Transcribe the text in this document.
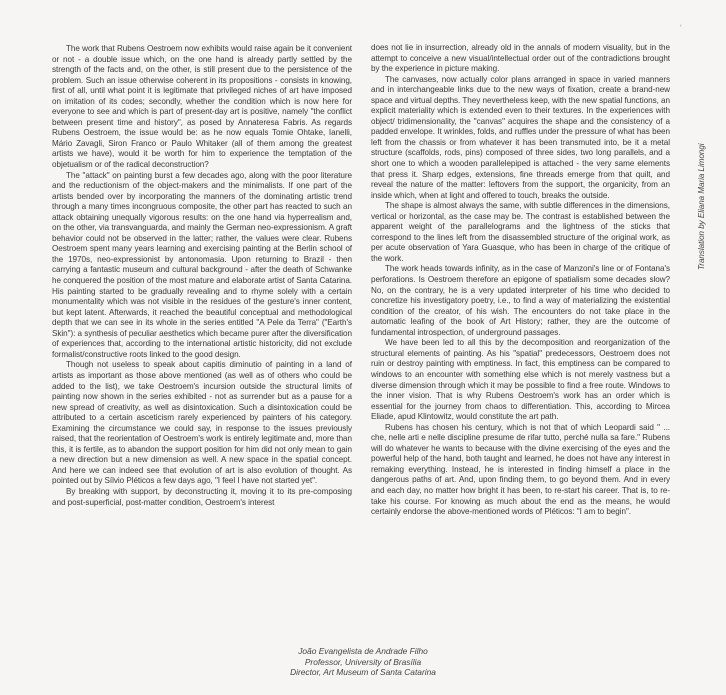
The work that Rubens Oestroem now exhibits would raise again be it convenient or not - a double issue which, on the one hand is already partly settled by the strength of the facts and, on the other, is still present due to the persistence of the problem. Such an issue otherwise coherent in its propositions - consists in knowing, first of all, until what point it is legitimate that privileged niches of art have imposed on imitation of its codes; secondly, whether the condition which is now here for everyone to see and which is part of present-day art is positive, namely "the conflict between present time and history", as posed by Annateresa Fabris. As regards Rubens Oestroem, the issue would be: as he now equals Tomie Ohtake, Ianelli, Mário Zavagli, Siron Franco or Paulo Whitaker (all of them among the greatest artists we have), would it be worth for him to experience the temptation of the objetualism or of the radical deconstruction?

The "attack" on painting burst a few decades ago, along with the poor literature and the reductionism of the object-makers and the minimalists. If one part of the artists bended over by incorporating the manners of the dominating artistic trend through a many times incongruous composite, the other part has reacted to such an attack obtaining unequally vigorous results: on the one hand via hyperrealism and, on the other, via transvanguarda, and mainly the German neo-expressionism. A graft behavior could not be observed in the latter; rather, the values were clear. Rubens Oestroem spent many years learning and exercising painting at the Berlin school of the 1970s, neo-expressionist by antonomasia. Upon returning to Brazil - then carrying a fantastic museum and cultural background - after the death of Schwanke he conquered the position of the most mature and elaborate artist of Santa Catarina. His painting started to be gradually revealing and to rhyme solely with a certain monumentality which was not visible in the residues of the gesture's inner content, but kept latent. Afterwards, it reached the beautiful conceptual and methodological depth that we can see in its whole in the series entitled "A Pele da Terra" ("Earth's Skin"): a synthesis of peculiar aesthetics which became purer after the diversification of experiences that, according to the international artistic historicity, did not exclude formalist/constructive roots linked to the good design.

Though not useless to speak about capitis diminutio of painting in a land of artists as important as those above mentioned (as well as of others who could be added to the list), we take Oestroem's incursion outside the structural limits of painting now shown in the series exhibited - not as surrender but as a pause for a new spread of creativity, as well as disintoxication. Such a disintoxication could be attributed to a certain asceticism rarely experienced by painters of his category. Examining the circumstance we could say, in response to the issues previously raised, that the reorientation of Oestroem's work is entirely legitimate and, more than this, it is fertile, as to abandon the support position for him did not only mean to gain a new direction but a new dimension as well. A new space in the spatial concept. And here we can indeed see that evolution of art is also evolution of thought. As pointed out by Sílvio Pléticos a few days ago, "I feel I have not started yet".

By breaking with support, by deconstructing it, moving it to its pre-composing and post-superficial, post-matter condition, Oestroem's interest

does not lie in insurrection, already old in the annals of modern visuality, but in the attempt to conceive a new visual/intellectual order out of the contradictions brought by the experience in picture making.

The canvases, now actually color plans arranged in space in varied manners and in interchangeable links due to the new ways of fixation, create a brand-new space and virtual depths. They nevertheless keep, with the new spatial functions, an explicit materiality which is extended even to their textures. In the experiences with object/ tridimensionality, the "canvas" acquires the shape and the consistency of a padded envelope. It wrinkles, folds, and ruffles under the pressure of what has been left from the chassis or from whatever it has been transmuted into, be it a metal structure (scaffolds, rods, pins) composed of three sides, two long parallels, and a short one to which a wooden parallelepiped is attached - the very same elements that press it. Sharp edges, extensions, fine threads emerge from that quilt, and reveal the nature of the matter: leftovers from the support, the organicity, from an inside which, when at light and offered to touch, breaks the outside.

The shape is almost always the same, with subtle differences in the dimensions, vertical or horizontal, as the case may be. The contrast is established between the apparent weight of the parallelograms and the lightness of the sticks that correspond to the lines left from the disassembled structure of the original work, as per acute observation of Yara Guasque, who has been in charge of the critique of the work.

The work heads towards infinity, as in the case of Manzoni's line or of Fontana's perforations. Is Oestroem therefore an epigone of spatialism some decades slow? No, on the contrary, he is a very updated interpreter of his time who decided to concretize his investigatory poetry, i.e., to find a way of materializing the existential condition of the creator, of his wish. The encounters do not take place in the automatic leafing of the book of Art History; rather, they are the outcome of fundamental introspection, of underground passages.

We have been led to all this by the decomposition and reorganization of the structural elements of painting. As his "spatial" predecessors, Oestroem does not ruin or destroy painting with emptiness. In fact, this emptiness can be compared to windows to an encounter with something else which is not merely vastness but a diverse dimension through which it may be possible to find a free route. Windows to the inner vision. That is why Rubens Oestroem's work has an order which is essential for the journey from chaos to differentiation. This, according to Mircea Eliade, apud Klintowitz, would constitute the art path.

Rubens has chosen his century, which is not that of which Leopardi said " ... che, nelle arti e nelle discipline presume de rifar tutto, perché nulla sa fare." Rubens will do whatever he wants to because with the divine exercising of the eyes and the powerful help of the hand, both taught and learned, he does not have any interest in remaking everything. Instead, he is interested in finding himself a place in the dangerous paths of art. And, upon finding them, to go beyond them. And in every and each day, no matter how bright it has been, to re-start his career. That is, to re-take his course. For knowing as much about the end as the means, he would certainly endorse the above-mentioned words of Pléticos: "I am to begin".

Translation by Eliana Maria Limongi
João Evangelista de Andrade Filho
Professor, University of Brasília
Director, Art Museum of Santa Catarina
ʼ
